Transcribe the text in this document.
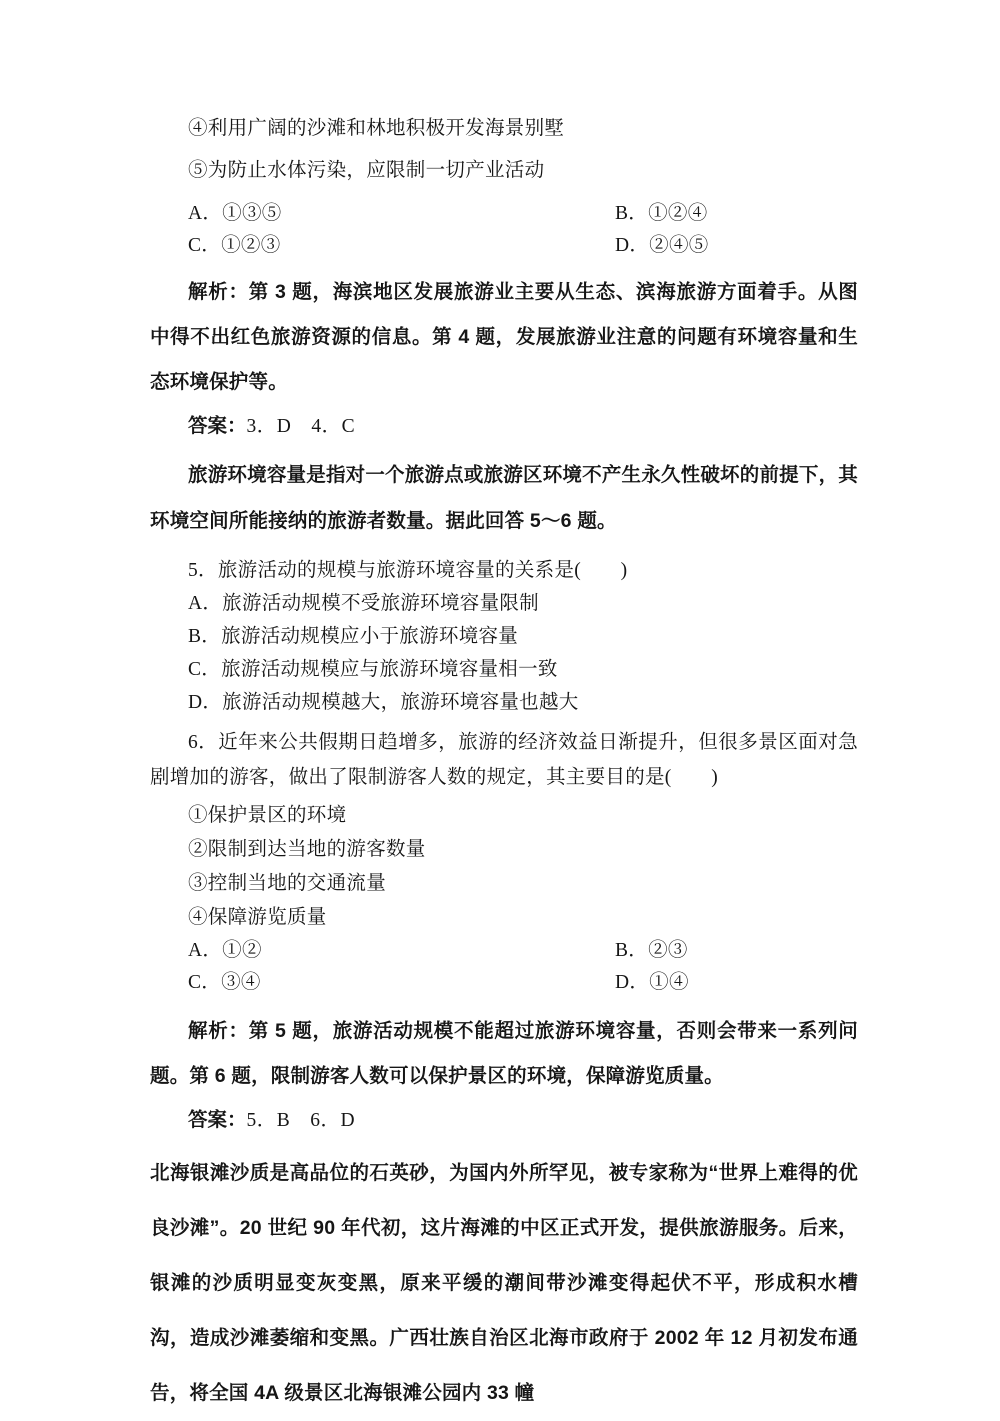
④利用广阔的沙滩和林地积极开发海景别墅
⑤为防止水体污染，应限制一切产业活动
A．①③⑤	B．①②④
C．①②③	D．②④⑤

解析：第 3 题，海滨地区发展旅游业主要从生态、滨海旅游方面着手。从图中得不出红色旅游资源的信息。第 4 题，发展旅游业注意的问题有环境容量和生态环境保护等。

答案：3．D　4．C

旅游环境容量是指对一个旅游点或旅游区环境不产生永久性破坏的前提下，其环境空间所能接纳的旅游者数量。据此回答 5～6 题。

5．旅游活动的规模与旅游环境容量的关系是(　　)
A．旅游活动规模不受旅游环境容量限制
B．旅游活动规模应小于旅游环境容量
C．旅游活动规模应与旅游环境容量相一致
D．旅游活动规模越大，旅游环境容量也越大

6．近年来公共假期日趋增多，旅游的经济效益日渐提升，但很多景区面对急剧增加的游客，做出了限制游客人数的规定，其主要目的是(　　)

①保护景区的环境
②限制到达当地的游客数量
③控制当地的交通流量
④保障游览质量
A．①②	B．②③
C．③④	D．①④

解析：第 5 题，旅游活动规模不能超过旅游环境容量，否则会带来一系列问题。第 6 题，限制游客人数可以保护景区的环境，保障游览质量。

答案：5．B　6．D

北海银滩沙质是高品位的石英砂，为国内外所罕见，被专家称为“世界上难得的优良沙滩”。20 世纪 90 年代初，这片海滩的中区正式开发，提供旅游服务。后来，银滩的沙质明显变灰变黑，原来平缓的潮间带沙滩变得起伏不平，形成积水槽沟，造成沙滩萎缩和变黑。广西壮族自治区北海市政府于 2002 年 12 月初发布通告，将全国 4A 级景区北海银滩公园内 33 幢
